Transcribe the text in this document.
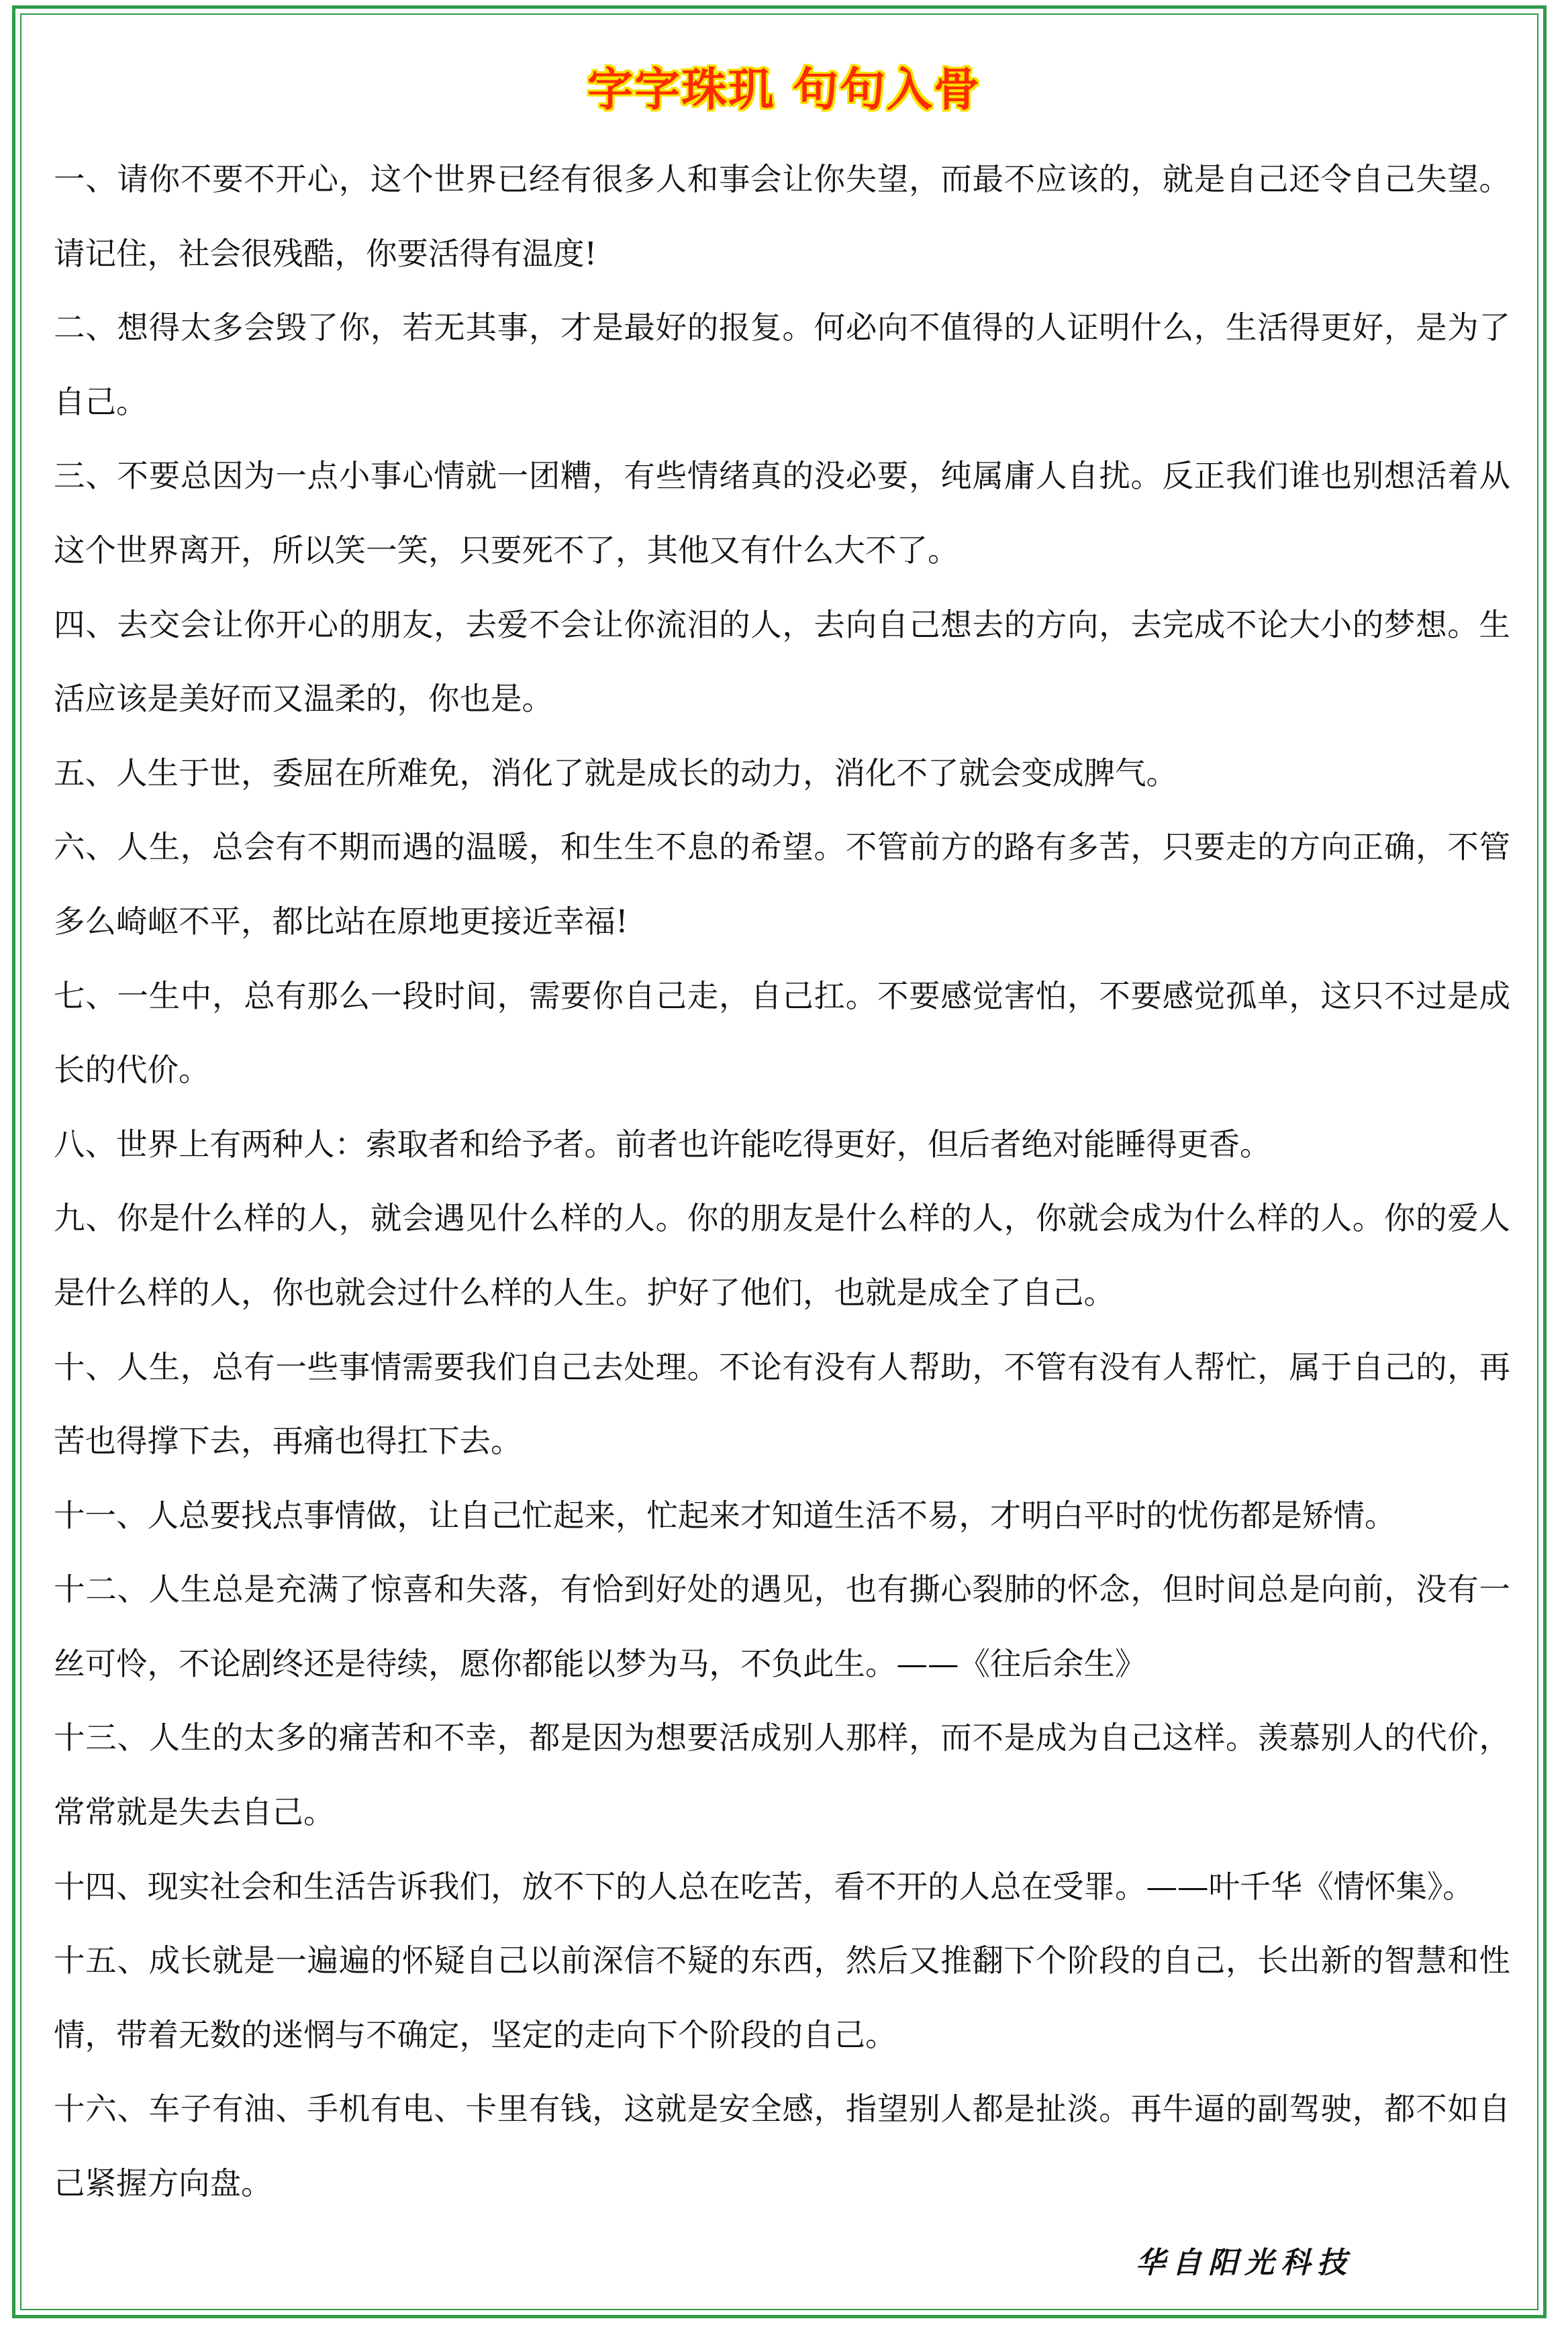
字字珠玑 句句入骨

一、请你不要不开心，这个世界已经有很多人和事会让你失望，而最不应该的，就是自己还令自己失望。请记住，社会很残酷，你要活得有温度!

二、想得太多会毁了你，若无其事，才是最好的报复。何必向不值得的人证明什么，生活得更好，是为了自己。

三、不要总因为一点小事心情就一团糟，有些情绪真的没必要，纯属庸人自扰。反正我们谁也别想活着从这个世界离开，所以笑一笑，只要死不了，其他又有什么大不了。

四、去交会让你开心的朋友，去爱不会让你流泪的人，去向自己想去的方向，去完成不论大小的梦想。生活应该是美好而又温柔的，你也是。

五、人生于世，委屈在所难免，消化了就是成长的动力，消化不了就会变成脾气。

六、人生，总会有不期而遇的温暖，和生生不息的希望。不管前方的路有多苦，只要走的方向正确，不管多么崎岖不平，都比站在原地更接近幸福!

七、一生中，总有那么一段时间，需要你自己走，自己扛。不要感觉害怕，不要感觉孤单，这只不过是成长的代价。

八、世界上有两种人：索取者和给予者。前者也许能吃得更好，但后者绝对能睡得更香。

九、你是什么样的人，就会遇见什么样的人。你的朋友是什么样的人，你就会成为什么样的人。你的爱人是什么样的人，你也就会过什么样的人生。护好了他们，也就是成全了自己。

十、人生，总有一些事情需要我们自己去处理。不论有没有人帮助，不管有没有人帮忙，属于自己的，再苦也得撑下去，再痛也得扛下去。

十一、人总要找点事情做，让自己忙起来，忙起来才知道生活不易，才明白平时的忧伤都是矫情。

十二、人生总是充满了惊喜和失落，有恰到好处的遇见，也有撕心裂肺的怀念，但时间总是向前，没有一丝可怜，不论剧终还是待续，愿你都能以梦为马，不负此生。——《往后余生》

十三、人生的太多的痛苦和不幸，都是因为想要活成别人那样，而不是成为自己这样。羡慕别人的代价，常常就是失去自己。

十四、现实社会和生活告诉我们，放不下的人总在吃苦，看不开的人总在受罪。——叶千华《情怀集》。

十五、成长就是一遍遍的怀疑自己以前深信不疑的东西，然后又推翻下个阶段的自己，长出新的智慧和性情，带着无数的迷惘与不确定，坚定的走向下个阶段的自己。

十六、车子有油、手机有电、卡里有钱，这就是安全感，指望别人都是扯淡。再牛逼的副驾驶，都不如自己紧握方向盘。

华自阳光科技
